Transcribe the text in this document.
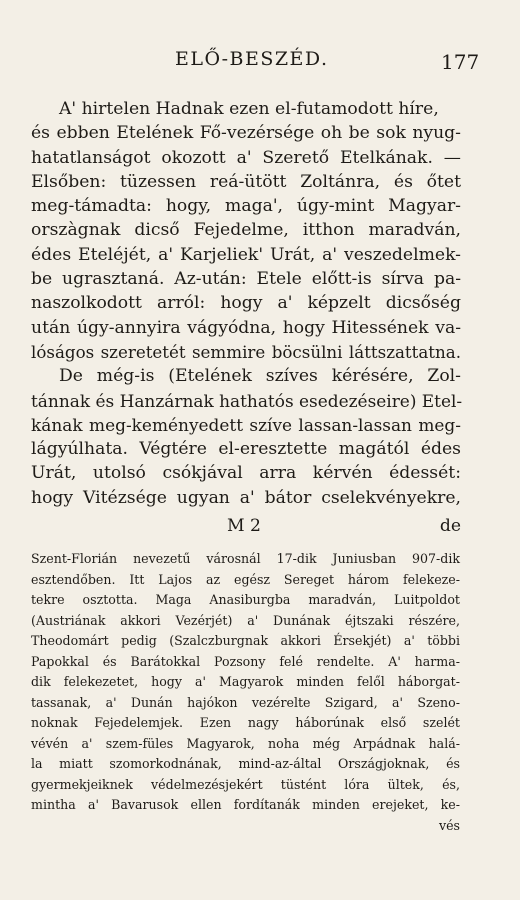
ELŐ-BESZÉD.	177
A' hirtelen Hadnak ezen el-futamodott híre,
és ebben Etelének Fő-vezérsége oh be sok nyug-
hatatlanságot okozott a' Szerető Etelkának. —
Elsőben: tüzessen reá-ütött Zoltánra, és őtet
meg-támadta: hogy, maga', úgy-mint Magyar-
orszàgnak dicső Fejedelme, itthon maradván,
édes Eteléjét, a' Karjeliek' Urát, a' veszedelmek-
be ugrasztaná. Az-után: Etele előtt-is sírva pa-
naszolkodott arról: hogy a' képzelt dicsőség
után úgy-annyira vágyódna, hogy Hitessének va-
lóságos szeretetét semmire böcsülni láttszattatna.
De még-is (Etelének szíves kérésére, Zol-
tánnak és Hanzárnak hathatós esedezéseire) Etel-
kának meg-keményedett szíve lassan-lassan meg-
lágyúlhata. Végtére el-eresztette magától édes
Urát, utolsó csókjával arra kérvén édessét:
hogy Vitézsége ugyan a' bátor cselekvényekre,
M 2	de
Szent-Florián nevezetű városnál 17-dik Juniusban 907-dik
esztendőben. Itt Lajos az egész Sereget három felekeze-
tekre osztotta. Maga Anasiburgba maradván, Luitpoldot
(Austriának akkori Vezérjét) a' Dunának éjtszaki részére,
Theodomárt pedig (Szalczburgnak akkori Érsekjét) a' többi
Papokkal és Barátokkal Pozsony felé rendelte. A' harma-
dik felekezetet, hogy a' Magyarok minden felől háborgat-
tassanak, a' Dunán hajókon vezérelte Szigard, a' Szeno-
noknak Fejedelemjek. Ezen nagy háborúnak első szelét
vévén a' szem-füles Magyarok, noha még Arpádnak halá-
la miatt szomorkodnának, mind-az-által Országjoknak, és
gyermekjeiknek védelmezésjekért tüstént lóra ültek, és,
mintha a' Bavarusok ellen fordítanák minden erejeket, ke-
vés
